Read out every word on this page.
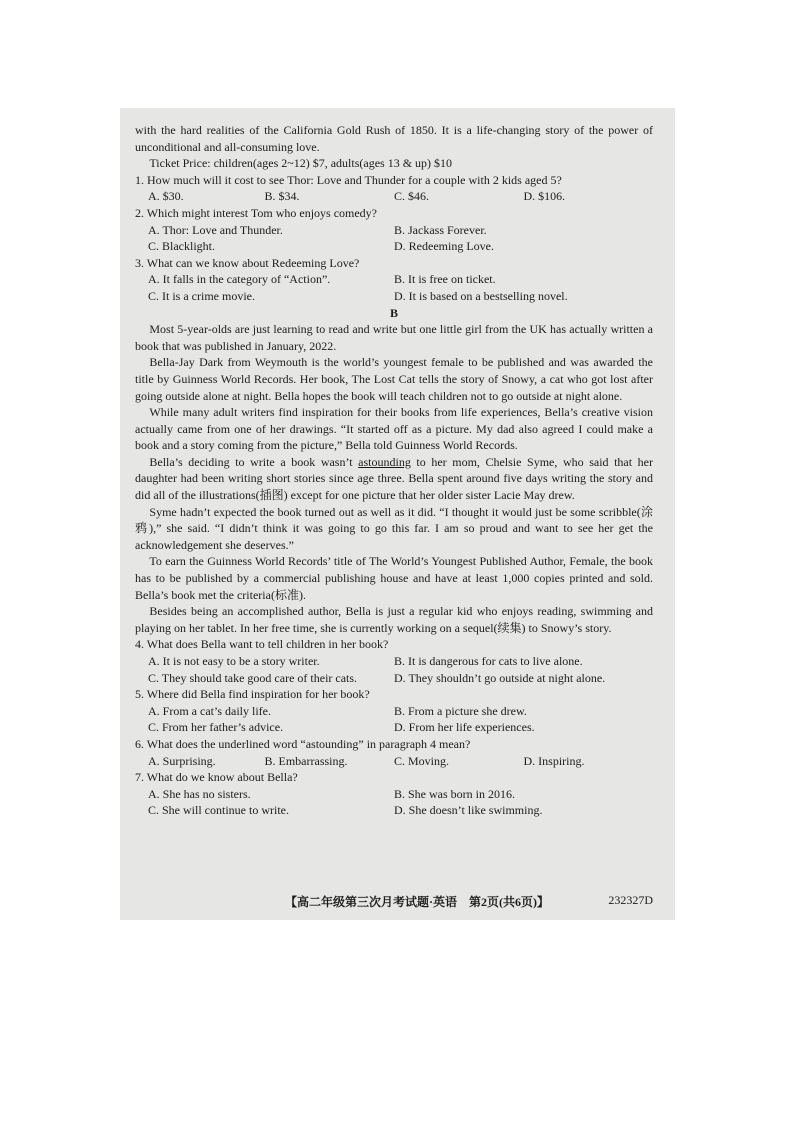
with the hard realities of the California Gold Rush of 1850. It is a life-changing story of the power of unconditional and all-consuming love.

Ticket Price: children(ages 2~12) $7, adults(ages 13 & up) $10

1. How much will it cost to see Thor: Love and Thunder for a couple with 2 kids aged 5?

A. $30.	B. $34.	C. $46.	D. $106.

2. Which might interest Tom who enjoys comedy?

A. Thor: Love and Thunder.	B. Jackass Forever.
C. Blacklight.	D. Redeeming Love.

3. What can we know about Redeeming Love?

A. It falls in the category of “Action”.	B. It is free on ticket.
C. It is a crime movie.	D. It is based on a bestselling novel.

B

Most 5-year-olds are just learning to read and write but one little girl from the UK has actually written a book that was published in January, 2022.

Bella-Jay Dark from Weymouth is the world’s youngest female to be published and was awarded the title by Guinness World Records. Her book, The Lost Cat tells the story of Snowy, a cat who got lost after going outside alone at night. Bella hopes the book will teach children not to go outside at night alone.

While many adult writers find inspiration for their books from life experiences, Bella’s creative vision actually came from one of her drawings. “It started off as a picture. My dad also agreed I could make a book and a story coming from the picture,” Bella told Guinness World Records.

Bella’s deciding to write a book wasn’t astounding to her mom, Chelsie Syme, who said that her daughter had been writing short stories since age three. Bella spent around five days writing the story and did all of the illustrations(插图) except for one picture that her older sister Lacie May drew.

Syme hadn’t expected the book turned out as well as it did. “I thought it would just be some scribble(涂鸦),” she said. “I didn’t think it was going to go this far. I am so proud and want to see her get the acknowledgement she deserves.”

To earn the Guinness World Records’ title of The World’s Youngest Published Author, Female, the book has to be published by a commercial publishing house and have at least 1,000 copies printed and sold. Bella’s book met the criteria(标准).

Besides being an accomplished author, Bella is just a regular kid who enjoys reading, swimming and playing on her tablet. In her free time, she is currently working on a sequel(续集) to Snowy’s story.

4. What does Bella want to tell children in her book?

A. It is not easy to be a story writer.	B. It is dangerous for cats to live alone.
C. They should take good care of their cats.	D. They shouldn’t go outside at night alone.

5. Where did Bella find inspiration for her book?

A. From a cat’s daily life.	B. From a picture she drew.
C. From her father’s advice.	D. From her life experiences.

6. What does the underlined word “astounding” in paragraph 4 mean?

A. Surprising.	B. Embarrassing.	C. Moving.	D. Inspiring.

7. What do we know about Bella?

A. She has no sisters.	B. She was born in 2016.
C. She will continue to write.	D. She doesn’t like swimming.
【高二年级第三次月考试题·英语　第2页(共6页)】	232327D
